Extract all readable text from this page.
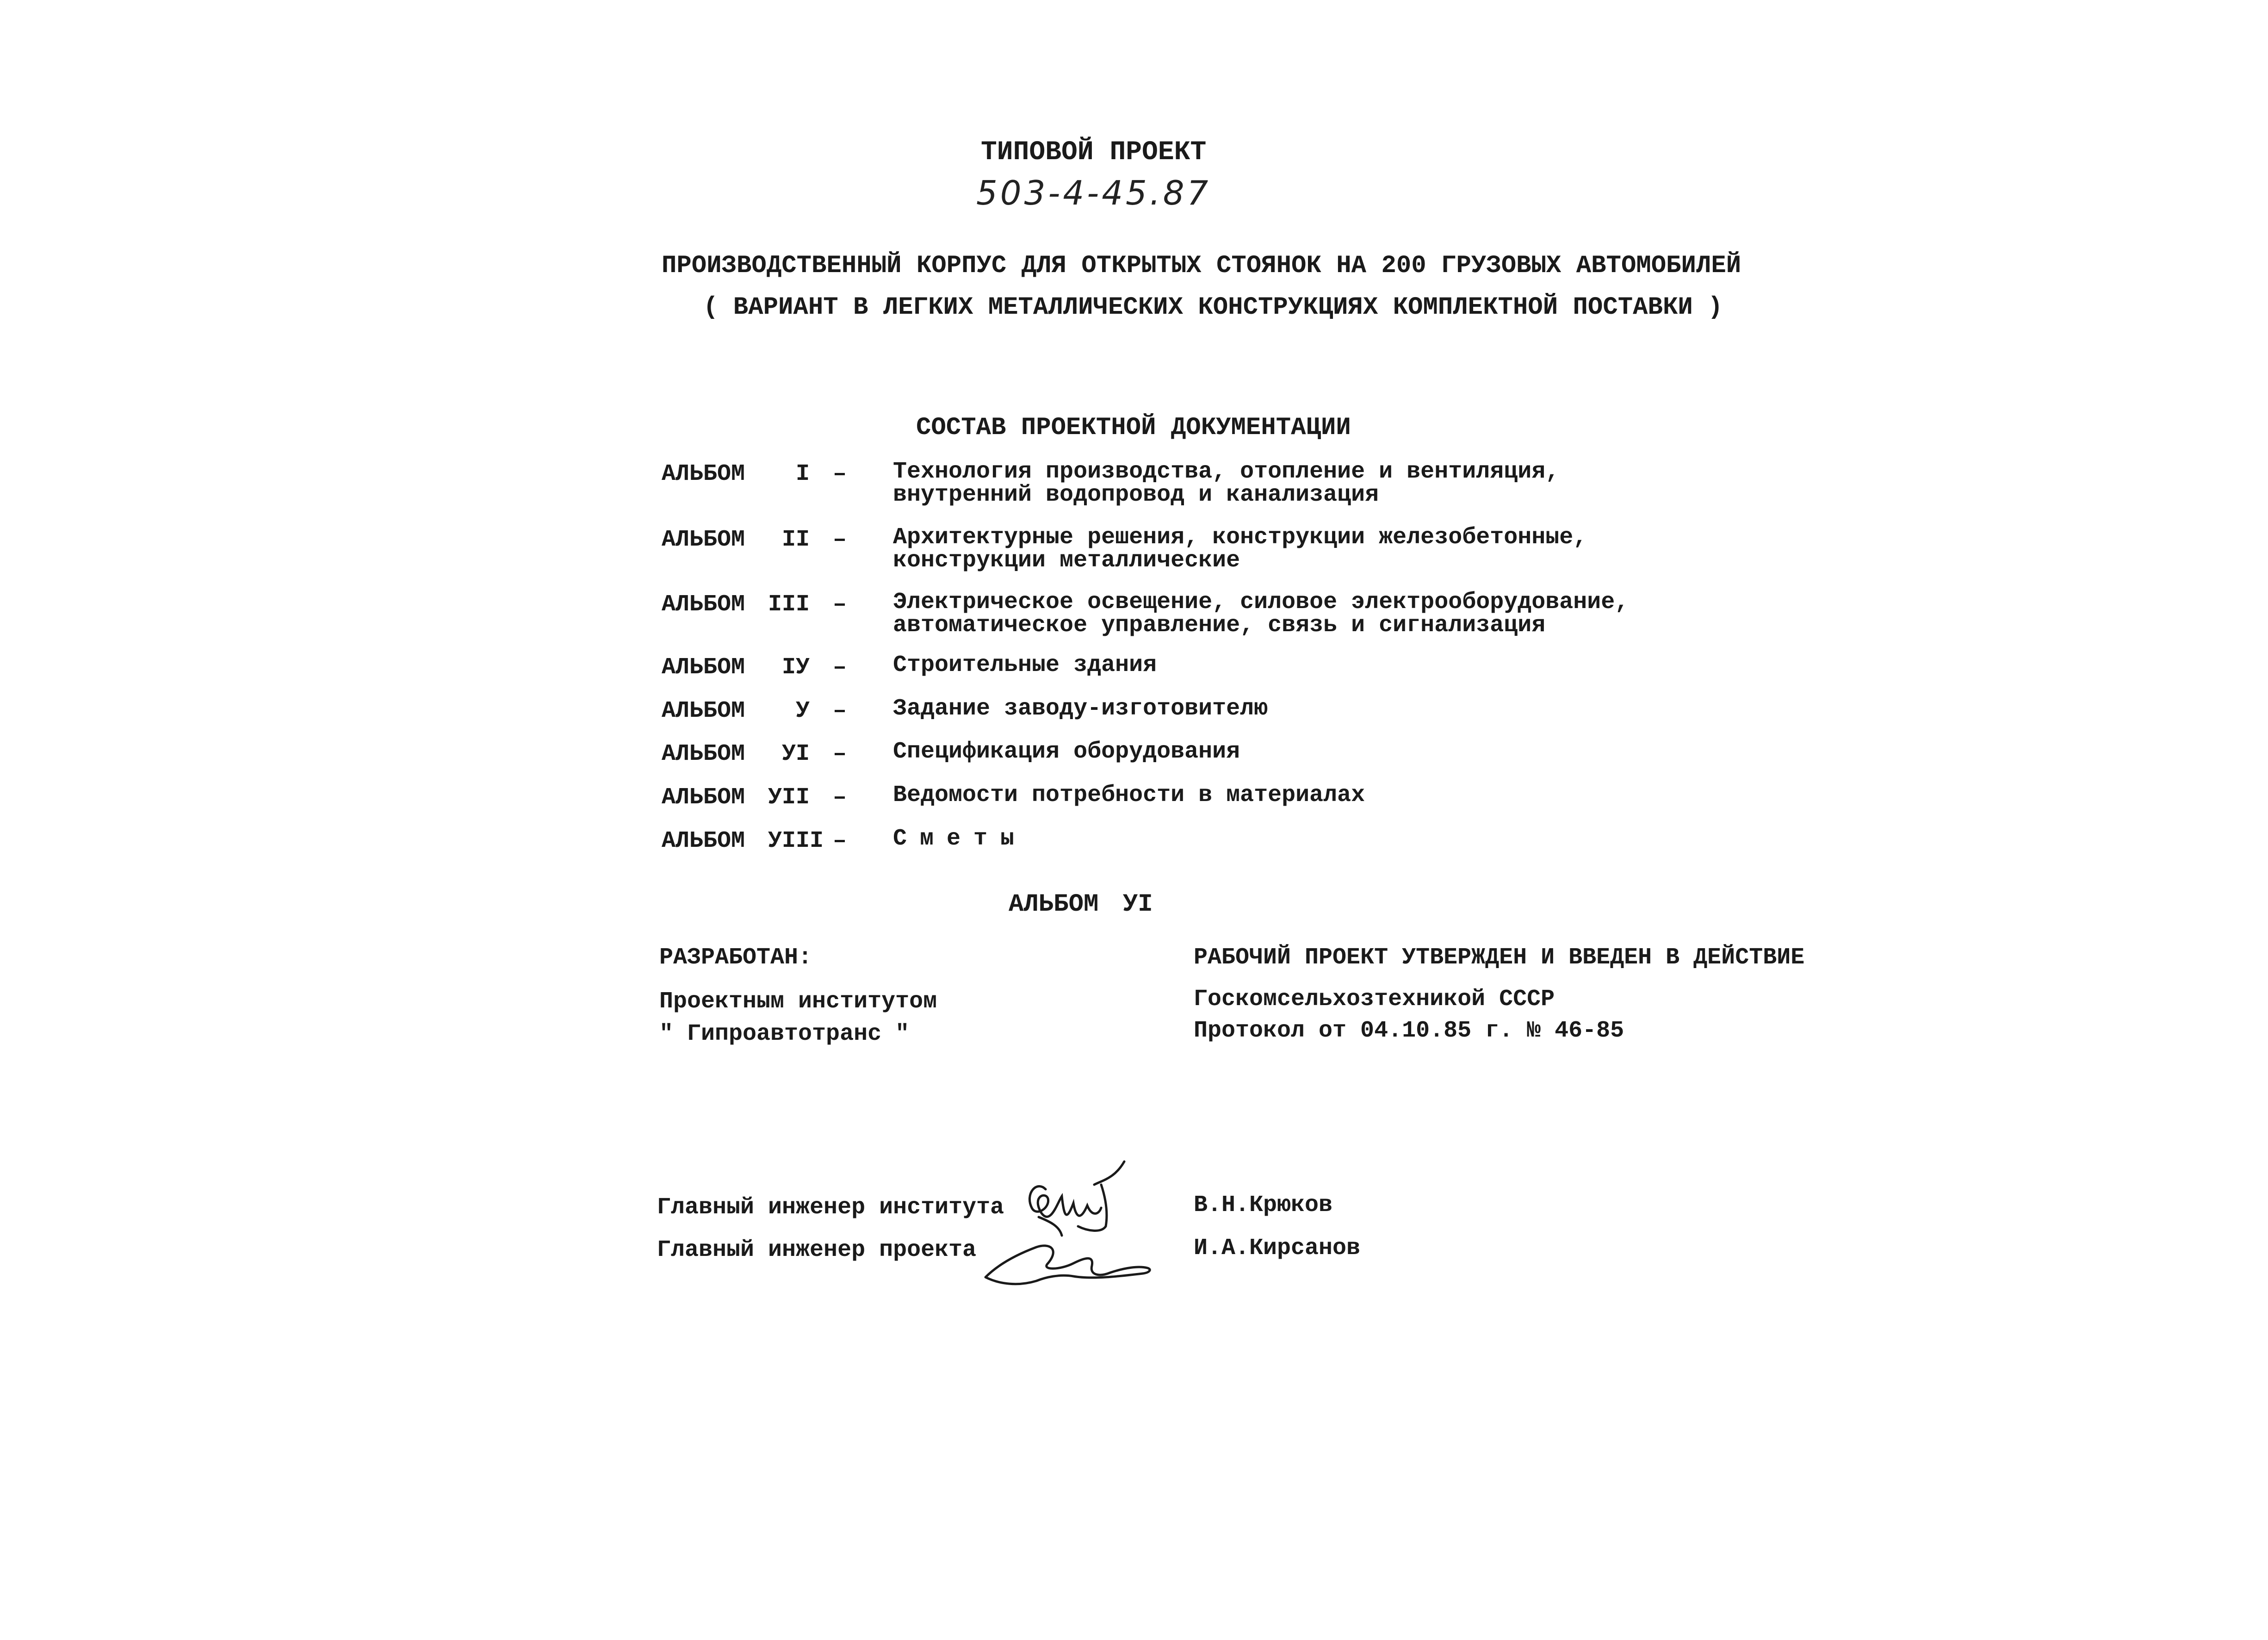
ТИПОВОЙ ПРОЕКТ
503-4-45.87
ПРОИЗВОДСТВЕННЫЙ КОРПУС ДЛЯ ОТКРЫТЫХ СТОЯНОК НА 200 ГРУЗОВЫХ АВТОМОБИЛЕЙ
( ВАРИАНТ В ЛЕГКИХ МЕТАЛЛИЧЕСКИХ КОНСТРУКЦИЯХ КОМПЛЕКТНОЙ ПОСТАВКИ )
СОСТАВ ПРОЕКТНОЙ ДОКУМЕНТАЦИИ
АЛЬБОМ	I – Технология производства, отопление и вентиляция,
внутренний водопровод и канализация
АЛЬБОМ	II – Архитектурные решения, конструкции железобетонные,
конструкции металлические
АЛЬБОМ III – Электрическое освещение, силовое электрооборудование,
автоматическое управление, связь и сигнализация
АЛЬБОМ	IУ – Строительные здания
АЛЬБОМ	У – Задание заводу-изготовителю
АЛЬБОМ	УI – Спецификация оборудования
АЛЬБОМ УII – Ведомости потребности в материалах
АЛЬБОМ УIII – Сметы
АЛЬБОМ УI
РАЗРАБОТАН:
Проектным институтом
" Гипроавтотранс "
РАБОЧИЙ ПРОЕКТ УТВЕРЖДЕН И ВВЕДЕН В ДЕЙСТВИЕ
Госкомсельхозтехникой СССР
Протокол от 04.10.85 г. № 46-85
Главный инженер института	В.Н.Крюков
Главный инженер проекта	И.А.Кирсанов
